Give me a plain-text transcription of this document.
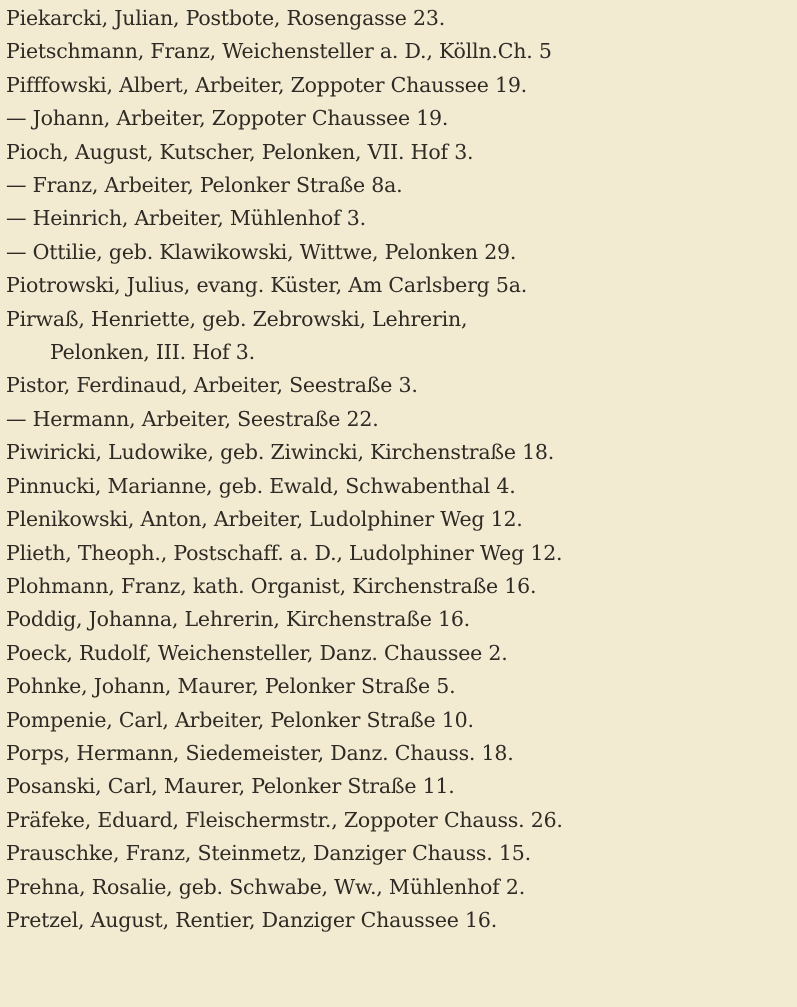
Piekarcki, Julian, Postbote, Rosengasse 23.
Pietschmann, Franz, Weichensteller a. D., Kölln.Ch. 5
Pifffowski, Albert, Arbeiter, Zoppoter Chaussee 19.
— Johann, Arbeiter, Zoppoter Chaussee 19.
Pioch, August, Kutscher, Pelonken, VII. Hof 3.
— Franz, Arbeiter, Pelonker Straße 8a.
— Heinrich, Arbeiter, Mühlenhof 3.
— Ottilie, geb. Klawikowski, Wittwe, Pelonken 29.
Piotrowski, Julius, evang. Küster, Am Carlsberg 5a.
Pirwaß, Henriette, geb. Zebrowski, Lehrerin,
Pelonken, III. Hof 3.
Pistor, Ferdinaud, Arbeiter, Seestraße 3.
— Hermann, Arbeiter, Seestraße 22.
Piwiricki, Ludowike, geb. Ziwincki, Kirchenstraße 18.
Pinnucki, Marianne, geb. Ewald, Schwabenthal 4.
Plenikowski, Anton, Arbeiter, Ludolphiner Weg 12.
Plieth, Theoph., Postschaff. a. D., Ludolphiner Weg 12.
Plohmann, Franz, kath. Organist, Kirchenstraße 16.
Poddig, Johanna, Lehrerin, Kirchenstraße 16.
Poeck, Rudolf, Weichensteller, Danz. Chaussee 2.
Pohnke, Johann, Maurer, Pelonker Straße 5.
Pompenie, Carl, Arbeiter, Pelonker Straße 10.
Porps, Hermann, Siedemeister, Danz. Chauss. 18.
Posanski, Carl, Maurer, Pelonker Straße 11.
Präfeke, Eduard, Fleischermstr., Zoppoter Chauss. 26.
Prauschke, Franz, Steinmetz, Danziger Chauss. 15.
Prehna, Rosalie, geb. Schwabe, Ww., Mühlenhof 2.
Pretzel, August, Rentier, Danziger Chaussee 16.
